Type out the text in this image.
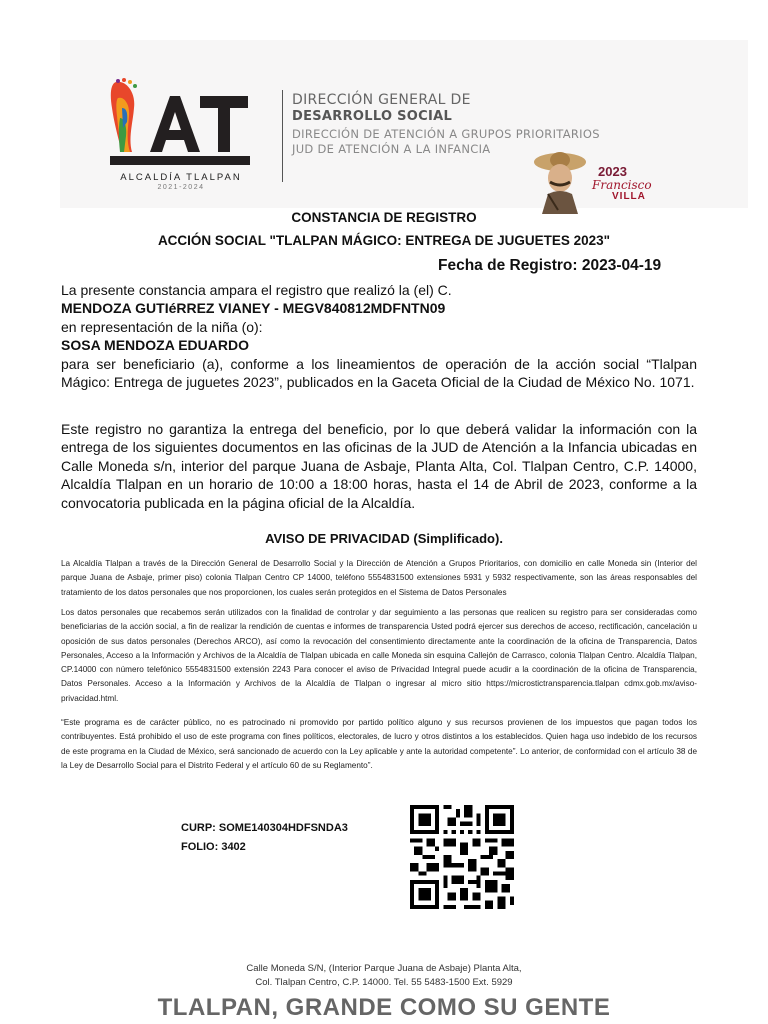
ALCALDÍA TLALPAN
2021-2024
DIRECCIÓN GENERAL DE
DESARROLLO SOCIAL
DIRECCIÓN DE ATENCIÓN A GRUPOS PRIORITARIOS
JUD DE ATENCIÓN A LA INFANCIA
2023
Francisco
VILLA
CONSTANCIA DE REGISTRO
ACCIÓN SOCIAL "TLALPAN MÁGICO: ENTREGA DE JUGUETES 2023"
Fecha de Registro: 2023-04-19
La presente constancia ampara el registro que realizó la (el) C.
MENDOZA GUTIéRREZ VIANEY - MEGV840812MDFNTN09
en representación de la niña (o):
SOSA MENDOZA EDUARDO
para ser beneficiario (a), conforme a los lineamientos de operación de la acción social “Tlalpan Mágico: Entrega de juguetes 2023”, publicados en la Gaceta Oficial de la Ciudad de México No. 1071.
Este registro no garantiza la entrega del beneficio, por lo que deberá validar la información con la entrega de los siguientes documentos en las oficinas de la JUD de Atención a la Infancia ubicadas en Calle Moneda s/n, interior del parque Juana de Asbaje, Planta Alta, Col. Tlalpan Centro, C.P. 14000, Alcaldía Tlalpan en un horario de 10:00 a 18:00 horas, hasta el 14 de Abril de 2023, conforme a la convocatoria publicada en la página oficial de la Alcaldía.
AVISO DE PRIVACIDAD (Simplificado).
La Alcaldía Tlalpan a través de la Dirección General de Desarrollo Social y la Dirección de Atención a Grupos Prioritarios, con domicilio en calle Moneda sin (Interior del parque Juana de Asbaje, primer piso) colonia Tlalpan Centro CP 14000, teléfono 5554831500 extensiones 5931 y 5932 respectivamente, son las áreas responsables del tratamiento de los datos personales que nos proporcionen, los cuales serán protegidos en el Sistema de Datos Personales
Los datos personales que recabemos serán utilizados con la finalidad de controlar y dar seguimiento a las personas que realicen su registro para ser consideradas como beneficiarias de la acción social, a fin de realizar la rendición de cuentas e informes de transparencia Usted podrá ejercer sus derechos de acceso, rectificación, cancelación u oposición de sus datos personales (Derechos ARCO), así como la revocación del consentimiento directamente ante la coordinación de la oficina de Transparencia, Datos Personales, Acceso a la Información y Archivos de la Alcaldía de Tlalpan ubicada en calle Moneda sin esquina Callejón de Carrasco, colonia Tlalpan Centro. Alcaldía Tlalpan, CP.14000 con número telefónico 5554831500 extensión 2243 Para conocer el aviso de Privacidad Integral puede acudir a la coordinación de la oficina de Transparencia, Datos Personales. Acceso a la Información y Archivos de la Alcaldía de Tlalpan o ingresar al micro sitio https://microstictransparencia.tlalpan cdmx.gob.mx/aviso-privacidad.html.
“Este programa es de carácter público, no es patrocinado ni promovido por partido político alguno y sus recursos provienen de los impuestos que pagan todos los contribuyentes. Está prohibido el uso de este programa con fines políticos, electorales, de lucro y otros distintos a los establecidos. Quien haga uso indebido de los recursos de este programa en la Ciudad de México, será sancionado de acuerdo con la Ley aplicable y ante la autoridad competente”. Lo anterior, de conformidad con el artículo 38 de la Ley de Desarrollo Social para el Distrito Federal y el artículo 60 de su Reglamento”.
CURP: SOME140304HDFSNDA3
FOLIO: 3402
Calle Moneda S/N, (Interior Parque Juana de Asbaje) Planta Alta,
Col. Tlalpan Centro, C.P. 14000. Tel. 55 5483-1500 Ext. 5929
TLALPAN, GRANDE COMO SU GENTE
